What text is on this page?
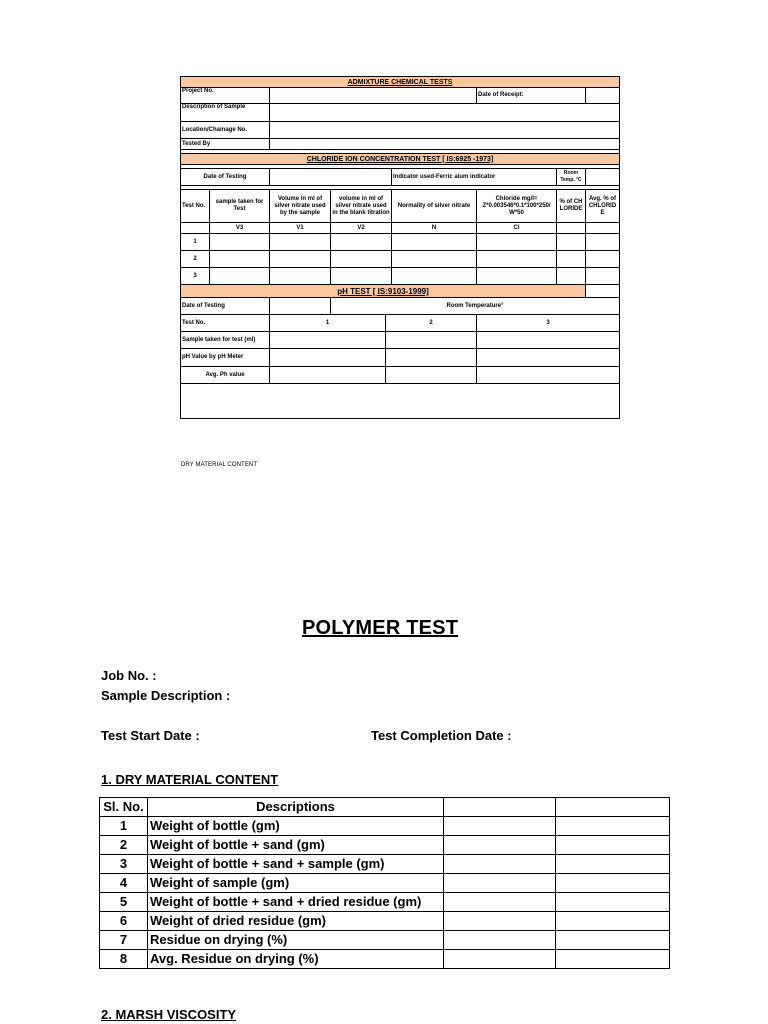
ADMIXTURE CHEMICAL TESTS								
Project No.						Date of Receipt:		
Description of Sample								
Location/Chainage No.								
Tested By								

CHLORIDE ION CONCENTRATION TEST [ IS:6925 -1973]								

Date of Testing					Indicator used-Ferric alum indicator		Room Temp. °C	

Test No.	sample taken for Test	Volume in ml of silver nitrate used by the sample	volume in ml of silver nitrate used in the blank titration		Normality of silver nitrate	Chloride mg/l= Z*0.003546*0.1*100*250/ W*50	% of CHLORIDE	Avg. % of CHLORIDE
	V3	V1	V2		N	Cl		
1								
2								
3								
pH TEST [ IS:9103-1999]								
Date of Testing			Room Temperature°					
Test No.		1		2		3		
Sample taken for test (ml)								
pH Value by pH Meter								
Avg. Ph value								

DRY MATERIAL CONTENT
POLYMER TEST
Job No. :
Sample Description :
Test Start Date :	Test Completion Date :
1. DRY MATERIAL CONTENT
Sl. No.	Descriptions		
1	Weight of bottle (gm)		
2	Weight of bottle + sand (gm)		
3	Weight of bottle + sand + sample (gm)		
4	Weight of sample (gm)		
5	Weight of bottle + sand + dried residue (gm)		
6	Weight of dried residue (gm)		
7	Residue on drying (%)		
8	Avg. Residue on drying (%)		
2. MARSH VISCOSITY
